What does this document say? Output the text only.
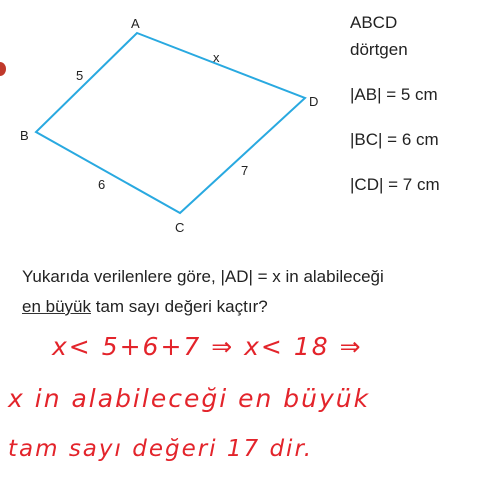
A
B
C
D
5
6
7
x
ABCD
dörtgen
|AB| = 5 cm
|BC| = 6 cm
|CD| = 7 cm
Yukarıda verilenlere göre, |AD| = x in alabileceği
en büyük tam sayı değeri kaçtır?
x< 5+6+7 ⇒ x< 18 ⇒
x in alabileceği en büyük
tam sayı değeri 17 dir.
